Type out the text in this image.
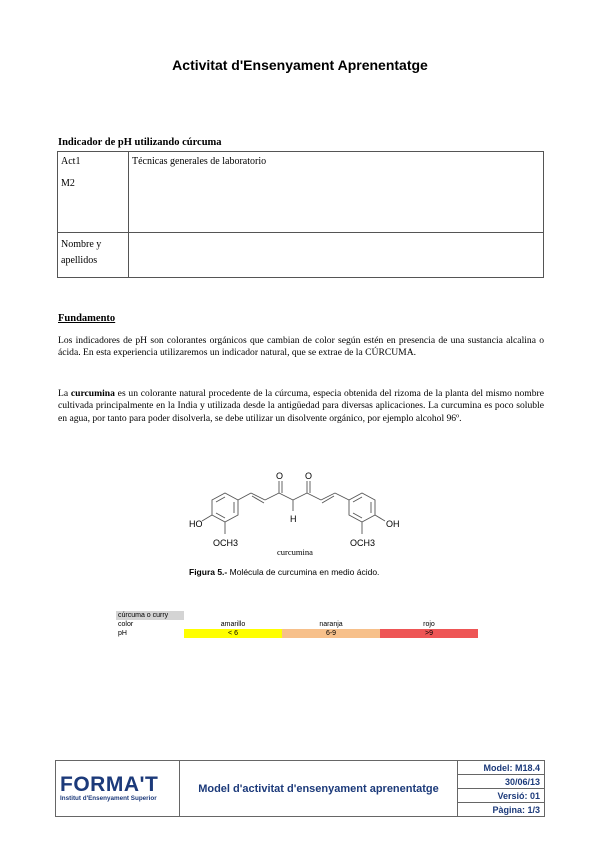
Activitat d'Ensenyament Aprenentatge
Indicador de pH utilizando cúrcuma
Act1
M2	Técnicas generales de laboratorio

Nombre y
apellidos	

Fundamento
Los indicadores de pH son colorantes orgánicos que cambian de color según estén en presencia de una sustancia alcalina o ácida. En esta experiencia utilizaremos un indicador natural, que se extrae de la CÚRCUMA.
La curcumina es un colorante natural procedente de la cúrcuma, especia obtenida del rizoma de la planta del mismo nombre cultivada principalmente en la India y utilizada desde la antigüedad para diversas aplicaciones. La curcumina es poco soluble en agua, por tanto para poder disolverla, se debe utilizar un disolvente orgánico, por ejemplo alcohol 96º.
O O
H
HO	OH
OCH3	OCH3
curcumina
Figura 5.- Molécula de curcumina en medio ácido.
cúrcuma o curry			
color	amarillo	naranja	rojo
pH	< 6	6-9	>9
FORMA'T
Institut d'Ensenyament Superior
	Model d'activitat d'ensenyament aprenentatge	Model: M18.4
30/06/13
Versió: 01
Pàgina: 1/3
